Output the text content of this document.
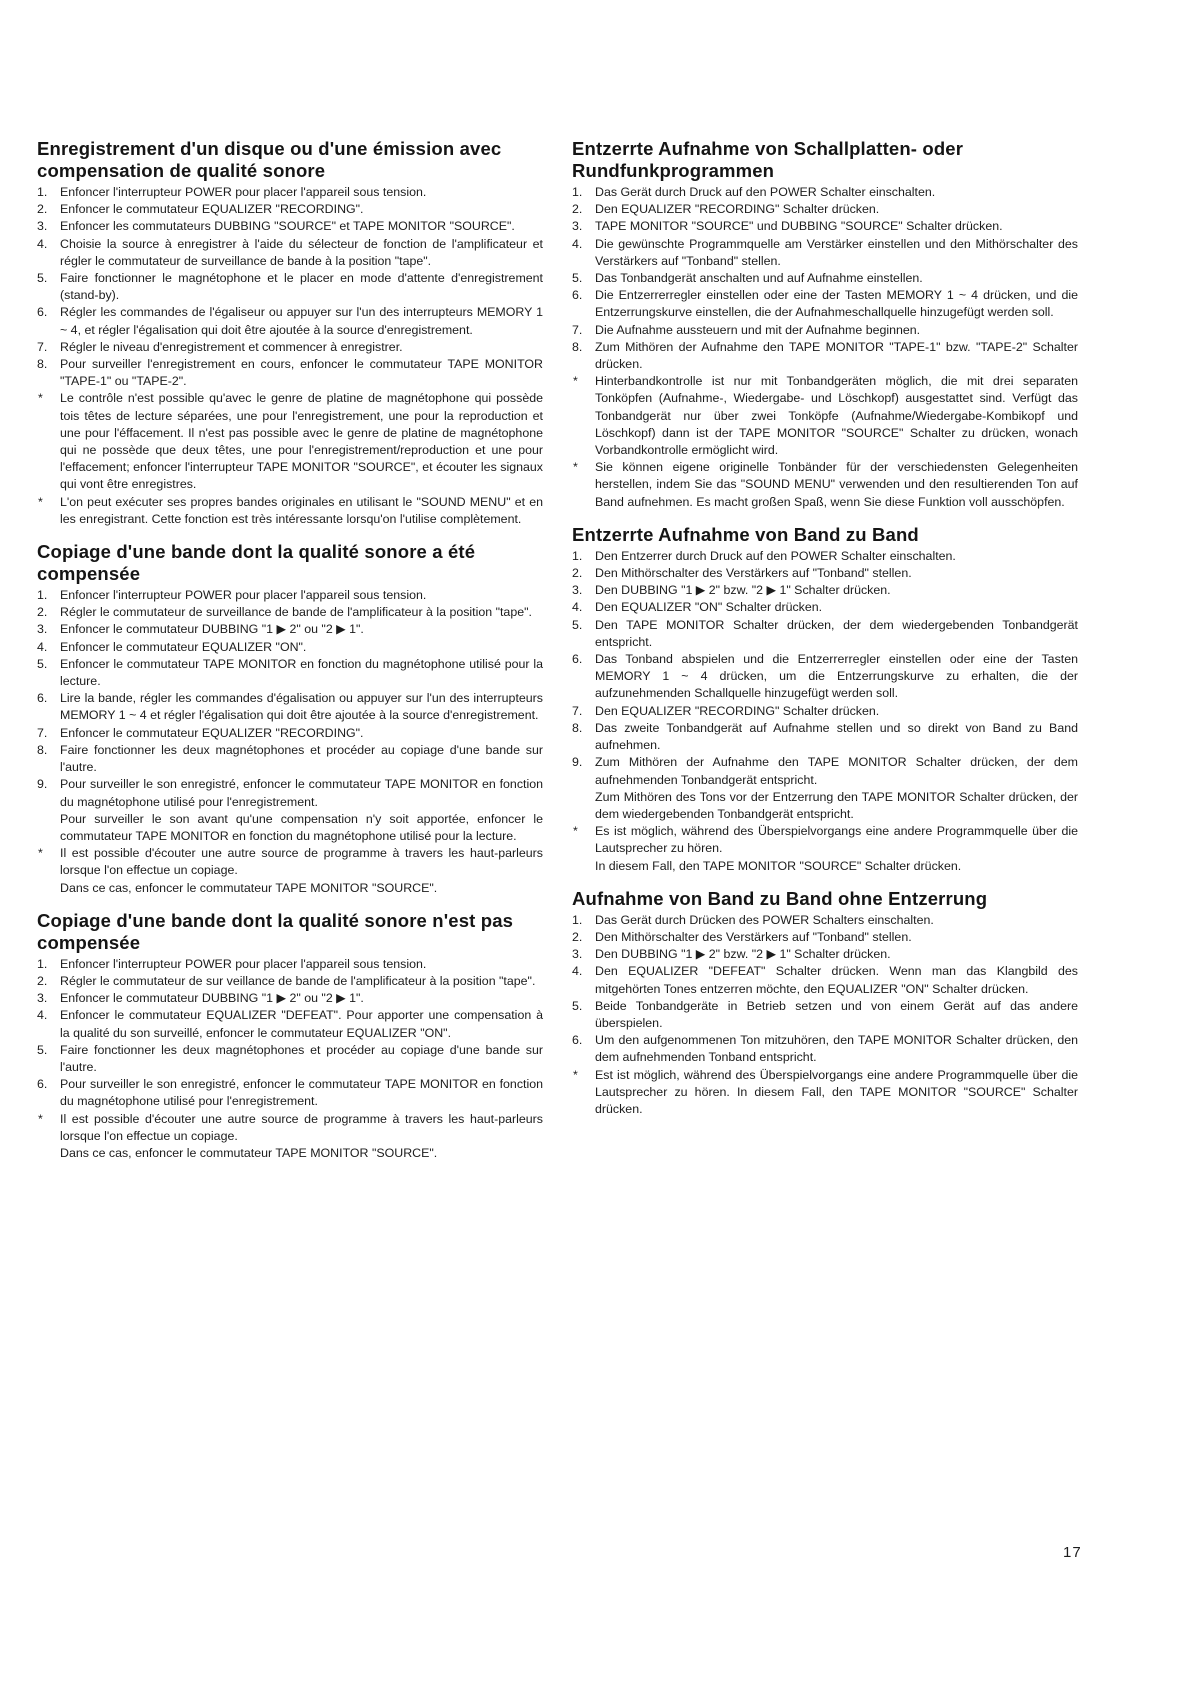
Enregistrement d'un disque ou d'une émission avec compensation de qualité sonore
1.	Enfoncer l'interrupteur POWER pour placer l'appareil sous tension.
2.	Enfoncer le commutateur EQUALIZER "RECORDING".
3.	Enfoncer les commutateurs DUBBING "SOURCE" et TAPE MONITOR "SOURCE".
4.	Choisie la source à enregistrer à l'aide du sélecteur de fonction de l'amplificateur et régler le commutateur de surveillance de bande à la position "tape".
5.	Faire fonctionner le magnétophone et le placer en mode d'attente d'enregistrement (stand-by).
6.	Régler les commandes de l'égaliseur ou appuyer sur l'un des interrupteurs MEMORY 1 ~ 4, et régler l'égalisation qui doit être ajoutée à la source d'enregistrement.
7.	Régler le niveau d'enregistrement et commencer à enregistrer.
8.	Pour surveiller l'enregistrement en cours, enfoncer le commutateur TAPE MONITOR "TAPE-1" ou "TAPE-2".
*	Le contrôle n'est possible qu'avec le genre de platine de magnétophone qui possède tois têtes de lecture séparées, une pour l'enregistrement, une pour la reproduction et une pour l'éffacement. Il n'est pas possible avec le genre de platine de magnétophone qui ne possède que deux têtes, une pour l'enregistrement/reproduction et une pour l'effacement; enfoncer l'interrupteur TAPE MONITOR "SOURCE", et écouter les signaux qui vont être enregistres.
*	L'on peut exécuter ses propres bandes originales en utilisant le "SOUND MENU" et en les enregistrant. Cette fonction est très intéressante lorsqu'on l'utilise complètement.
Copiage d'une bande dont la qualité sonore a été compensée
1.	Enfoncer l'interrupteur POWER pour placer l'appareil sous tension.
2.	Régler le commutateur de surveillance de bande de l'amplificateur à la position "tape".
3.	Enfoncer le commutateur DUBBING "1 ▶ 2" ou "2 ▶ 1".
4.	Enfoncer le commutateur EQUALIZER "ON".
5.	Enfoncer le commutateur TAPE MONITOR en fonction du magnétophone utilisé pour la lecture.
6.	Lire la bande, régler les commandes d'égalisation ou appuyer sur l'un des interrupteurs MEMORY 1 ~ 4 et régler l'égalisation qui doit être ajoutée à la source d'enregistrement.
7.	Enfoncer le commutateur EQUALIZER "RECORDING".
8.	Faire fonctionner les deux magnétophones et procéder au copiage d'une bande sur l'autre.
9.	Pour surveiller le son enregistré, enfoncer le commutateur TAPE MONITOR en fonction du magnétophone utilisé pour l'enregistrement.
Pour surveiller le son avant qu'une compensation n'y soit apportée, enfoncer le commutateur TAPE MONITOR en fonction du magnétophone utilisé pour la lecture.
*	Il est possible d'écouter une autre source de programme à travers les haut-parleurs lorsque l'on effectue un copiage.
Dans ce cas, enfoncer le commutateur TAPE MONITOR "SOURCE".
Copiage d'une bande dont la qualité sonore n'est pas compensée
1.	Enfoncer l'interrupteur POWER pour placer l'appareil sous tension.
2.	Régler le commutateur de sur veillance de bande de l'amplificateur à la position "tape".
3.	Enfoncer le commutateur DUBBING "1 ▶ 2" ou "2 ▶ 1".
4.	Enfoncer le commutateur EQUALIZER "DEFEAT". Pour apporter une compensation à la qualité du son surveillé, enfoncer le commutateur EQUALIZER "ON".
5.	Faire fonctionner les deux magnétophones et procéder au copiage d'une bande sur l'autre.
6.	Pour surveiller le son enregistré, enfoncer le commutateur TAPE MONITOR en fonction du magnétophone utilisé pour l'enregistrement.
*	Il est possible d'écouter une autre source de programme à travers les haut-parleurs lorsque l'on effectue un copiage.
Dans ce cas, enfoncer le commutateur TAPE MONITOR "SOURCE".
Entzerrte Aufnahme von Schallplatten- oder Rundfunkprogrammen
1.	Das Gerät durch Druck auf den POWER Schalter einschalten.
2.	Den EQUALIZER "RECORDING" Schalter drücken.
3.	TAPE MONITOR "SOURCE" und DUBBING "SOURCE" Schalter drücken.
4.	Die gewünschte Programmquelle am Verstärker einstellen und den Mithörschalter des Verstärkers auf "Tonband" stellen.
5.	Das Tonbandgerät anschalten und auf Aufnahme einstellen.
6.	Die Entzerrerregler einstellen oder eine der Tasten MEMORY 1 ~ 4 drücken, und die Entzerrungskurve einstellen, die der Aufnahmeschallquelle hinzugefügt werden soll.
7.	Die Aufnahme aussteuern und mit der Aufnahme beginnen.
8.	Zum Mithören der Aufnahme den TAPE MONITOR "TAPE-1" bzw. "TAPE-2" Schalter drücken.
*	Hinterbandkontrolle ist nur mit Tonbandgeräten möglich, die mit drei separaten Tonköpfen (Aufnahme-, Wiedergabe- und Löschkopf) ausgestattet sind. Verfügt das Tonbandgerät nur über zwei Tonköpfe (Aufnahme/Wiedergabe-Kombikopf und Löschkopf) dann ist der TAPE MONITOR "SOURCE" Schalter zu drücken, wonach Vorbandkontrolle ermöglicht wird.
*	Sie können eigene originelle Tonbänder für der verschiedensten Gelegenheiten herstellen, indem Sie das "SOUND MENU" verwenden und den resultierenden Ton auf Band aufnehmen. Es macht großen Spaß, wenn Sie diese Funktion voll ausschöpfen.
Entzerrte Aufnahme von Band zu Band
1.	Den Entzerrer durch Druck auf den POWER Schalter einschalten.
2.	Den Mithörschalter des Verstärkers auf "Tonband" stellen.
3.	Den DUBBING "1 ▶ 2" bzw. "2 ▶ 1" Schalter drücken.
4.	Den EQUALIZER "ON" Schalter drücken.
5.	Den TAPE MONITOR Schalter drücken, der dem wiedergebenden Tonbandgerät entspricht.
6.	Das Tonband abspielen und die Entzerrerregler einstellen oder eine der Tasten MEMORY 1 ~ 4 drücken, um die Entzerrungskurve zu erhalten, die der aufzunehmenden Schallquelle hinzugefügt werden soll.
7.	Den EQUALIZER "RECORDING" Schalter drücken.
8.	Das zweite Tonbandgerät auf Aufnahme stellen und so direkt von Band zu Band aufnehmen.
9.	Zum Mithören der Aufnahme den TAPE MONITOR Schalter drücken, der dem aufnehmenden Tonbandgerät entspricht.
Zum Mithören des Tons vor der Entzerrung den TAPE MONITOR Schalter drücken, der dem wiedergebenden Tonbandgerät entspricht.
*	Es ist möglich, während des Überspielvorgangs eine andere Programmquelle über die Lautsprecher zu hören.
In diesem Fall, den TAPE MONITOR "SOURCE" Schalter drücken.
Aufnahme von Band zu Band ohne Entzerrung
1.	Das Gerät durch Drücken des POWER Schalters einschalten.
2.	Den Mithörschalter des Verstärkers auf "Tonband" stellen.
3.	Den DUBBING "1 ▶ 2" bzw. "2 ▶ 1" Schalter drücken.
4.	Den EQUALIZER "DEFEAT" Schalter drücken. Wenn man das Klangbild des mitgehörten Tones entzerren möchte, den EQUALIZER "ON" Schalter drücken.
5.	Beide Tonbandgeräte in Betrieb setzen und von einem Gerät auf das andere überspielen.
6.	Um den aufgenommenen Ton mitzuhören, den TAPE MONITOR Schalter drücken, den dem aufnehmenden Tonband entspricht.
*	Est ist möglich, während des Überspielvorgangs eine andere Programmquelle über die Lautsprecher zu hören. In diesem Fall, den TAPE MONITOR "SOURCE" Schalter drücken.
17
